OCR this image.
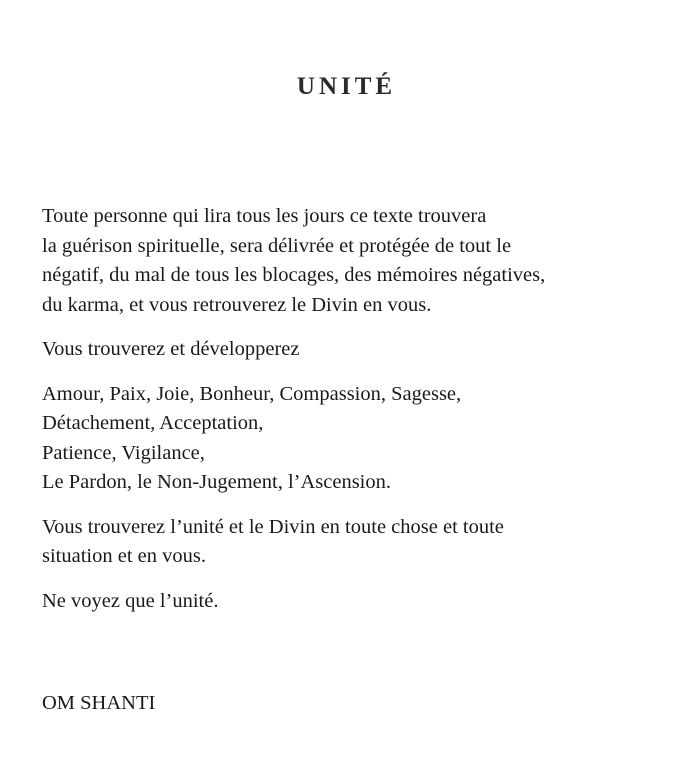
UNITÉ

Toute personne qui lira tous les jours ce texte trouvera
la guérison spirituelle, sera délivrée et protégée de tout le
négatif, du mal de tous les blocages, des mémoires négatives,
du karma, et vous retrouverez le Divin en vous.

Vous trouverez et développerez

Amour, Paix, Joie, Bonheur, Compassion, Sagesse,
Détachement, Acceptation,
Patience, Vigilance,
Le Pardon, le Non-Jugement, l’Ascension.

Vous trouverez l’unité et le Divin en toute chose et toute
situation et en vous.

Ne voyez que l’unité.

OM SHANTI
